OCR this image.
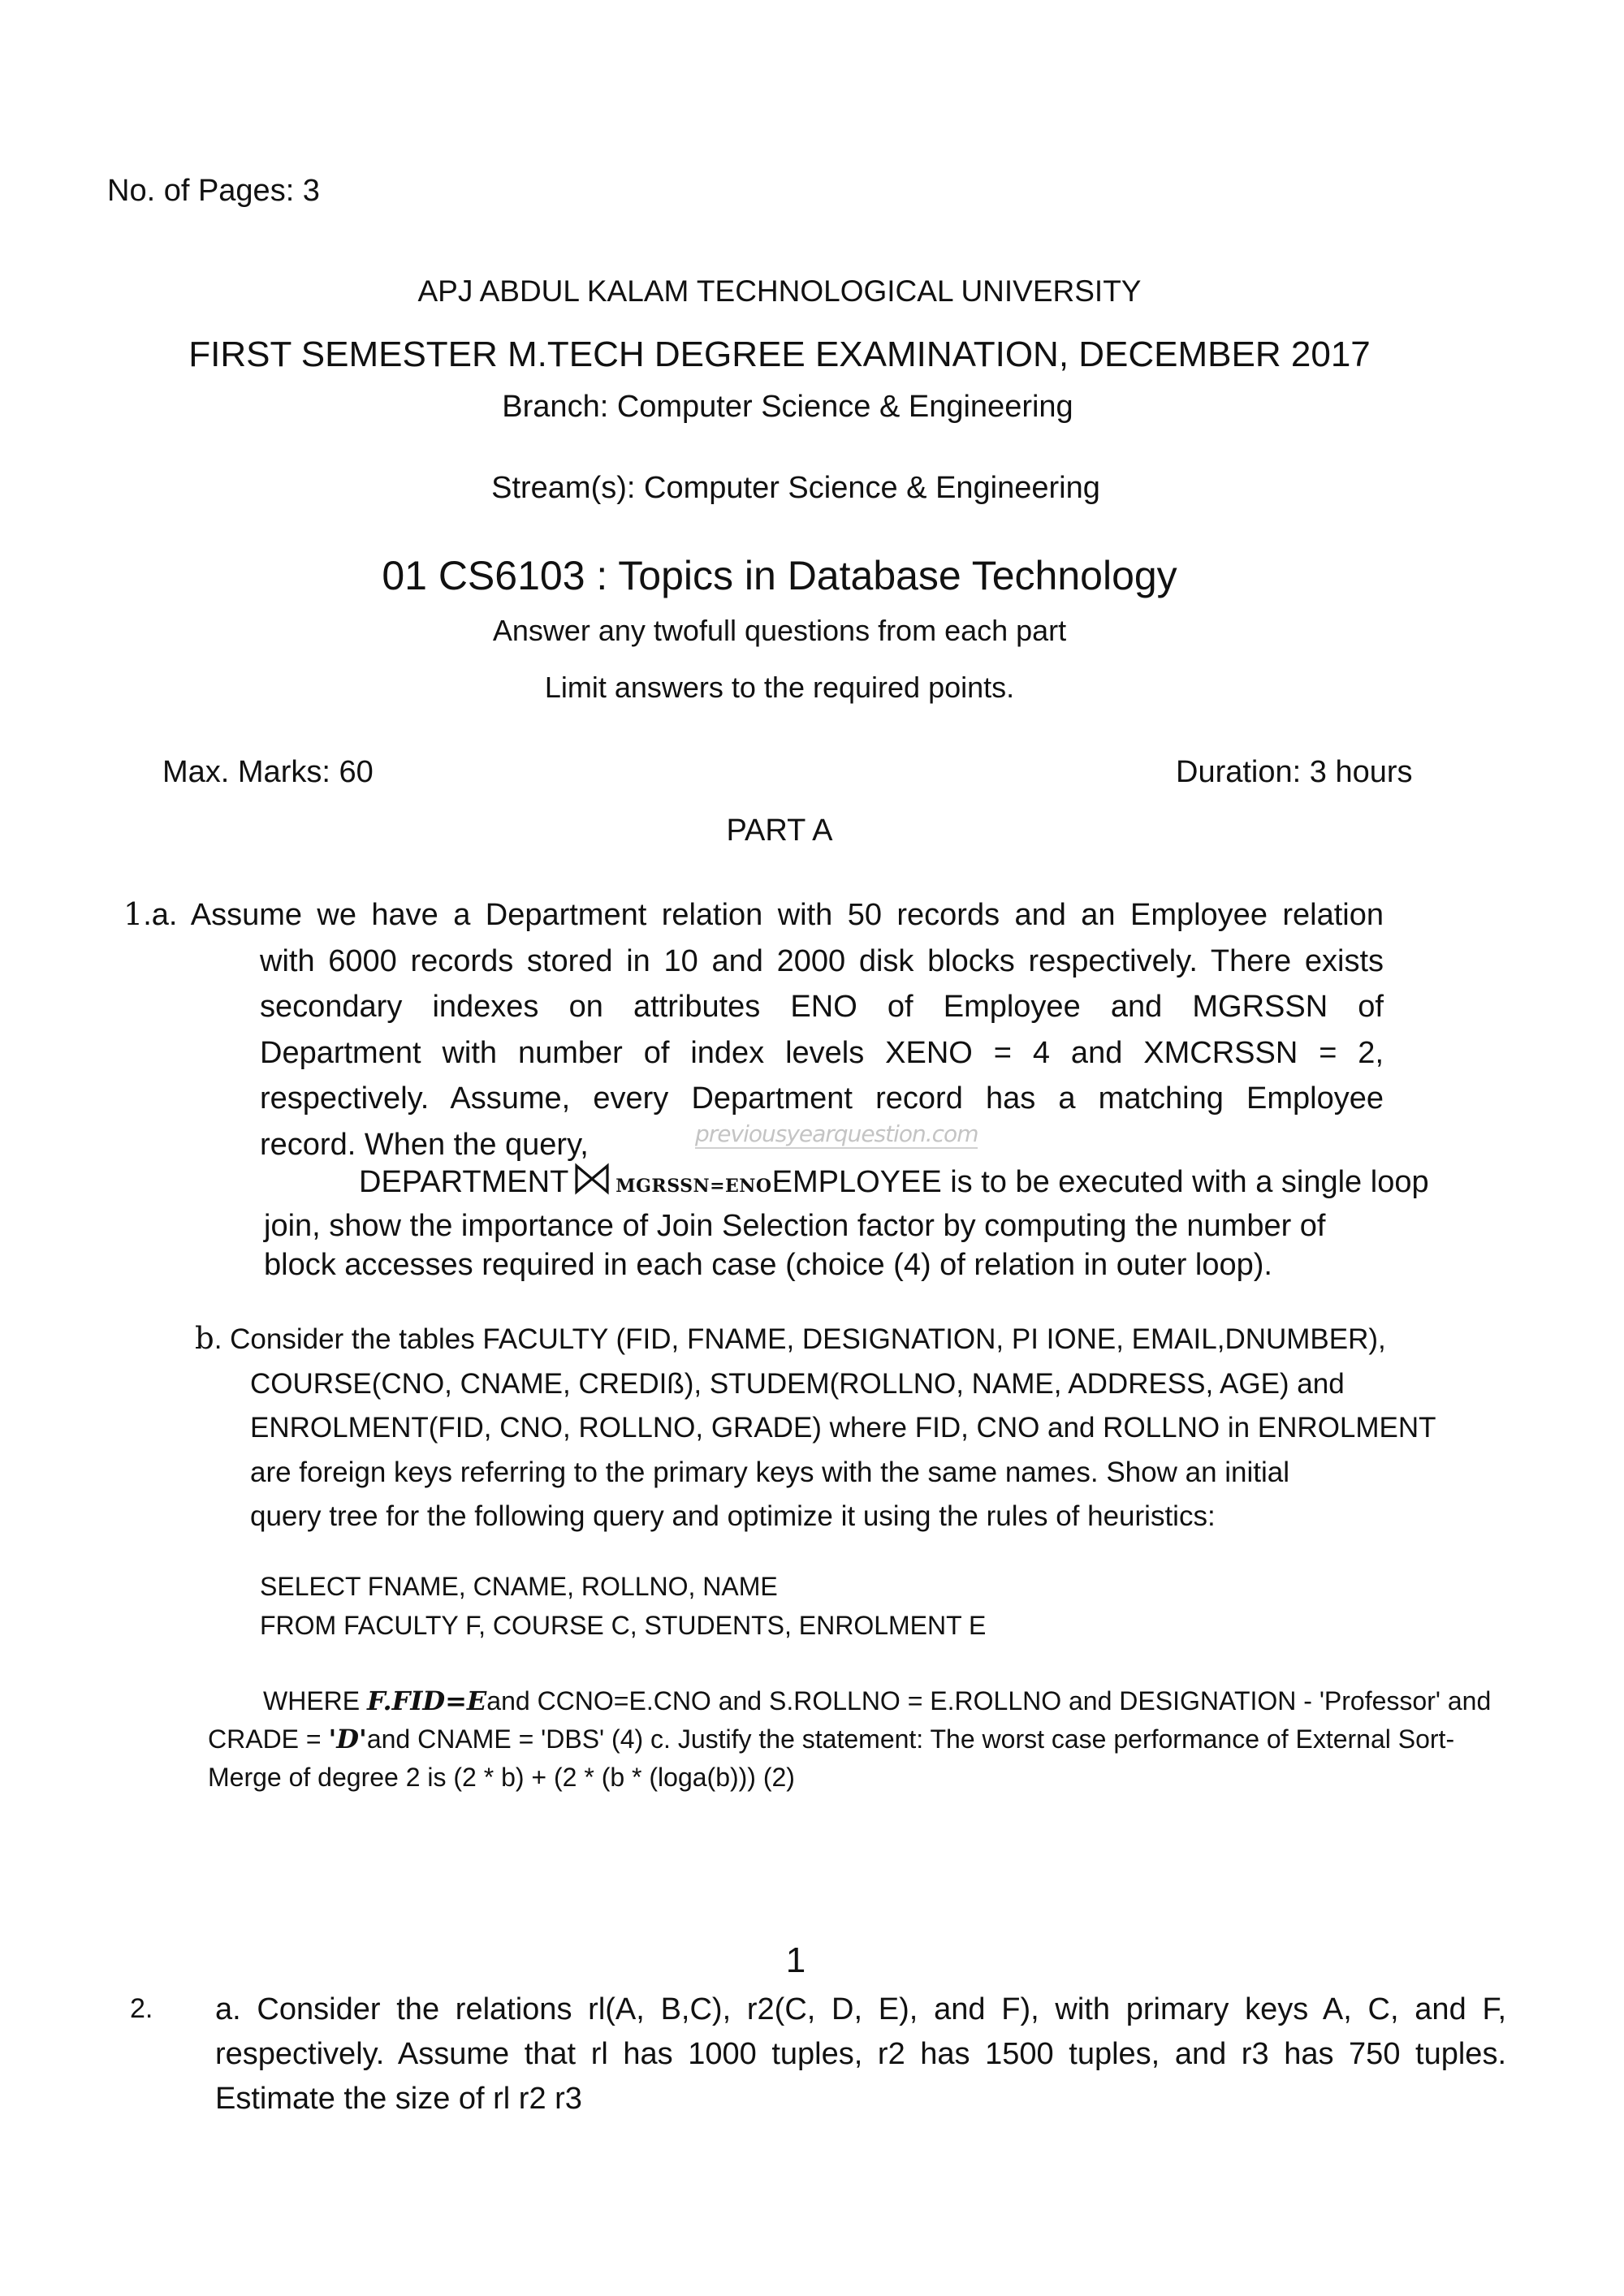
No. of Pages: 3
APJ ABDUL KALAM TECHNOLOGICAL UNIVERSITY
FIRST SEMESTER M.TECH DEGREE EXAMINATION, DECEMBER 2017
Branch: Computer Science & Engineering
Stream(s): Computer Science & Engineering
01 CS6103 : Topics in Database Technology
Answer any twofull questions from each part
Limit answers to the required points.
Max. Marks: 60	Duration: 3 hours
PART A
previousyearquestion.com
1.a. Assume we have a Department relation with 50 records and an Employee relation
with 6000 records stored in 10 and 2000 disk blocks respectively. There exists
secondary indexes on attributes ENO of Employee and MGRSSN of
Department with number of index levels XENO = 4 and XMCRSSN = 2,
respectively. Assume, every Department record has a matching Employee
record. When the query,
DEPARTMENT	MGRSSN=ENOEMPLOYEE is to be executed with a single loop
join, show the importance of Join Selection factor by computing the number of
block accesses required in each case (choice (4) of relation in outer loop).
b. Consider the tables FACULTY (FID, FNAME, DESIGNATION, PI IONE, EMAIL,DNUMBER),
COURSE(CNO, CNAME, CREDIß), STUDEM(ROLLNO, NAME, ADDRESS, AGE) and
ENROLMENT(FID, CNO, ROLLNO, GRADE) where FID, CNO and ROLLNO in ENROLMENT
are foreign keys referring to the primary keys with the same names. Show an initial
query tree for the following query and optimize it using the rules of heuristics:
SELECT FNAME, CNAME, ROLLNO, NAME
FROM FACULTY F, COURSE C, STUDENTS, ENROLMENT E
WHERE F.FID=Eand CCNO=E.CNO and S.ROLLNO = E.ROLLNO and DESIGNATION - 'Professor' and
CRADE = 'D'and CNAME = 'DBS' (4) c. Justify the statement: The worst case performance of External Sort-
Merge of degree 2 is (2 * b) + (2 * (b * (loga(b))) (2)
1
2. a. Consider the relations rl(A, B,C), r2(C, D, E), and F), with primary keys A, C, and F,
respectively. Assume that rl has 1000 tuples, r2 has 1500 tuples, and r3 has 750 tuples.
Estimate the size of rl r2 r3
